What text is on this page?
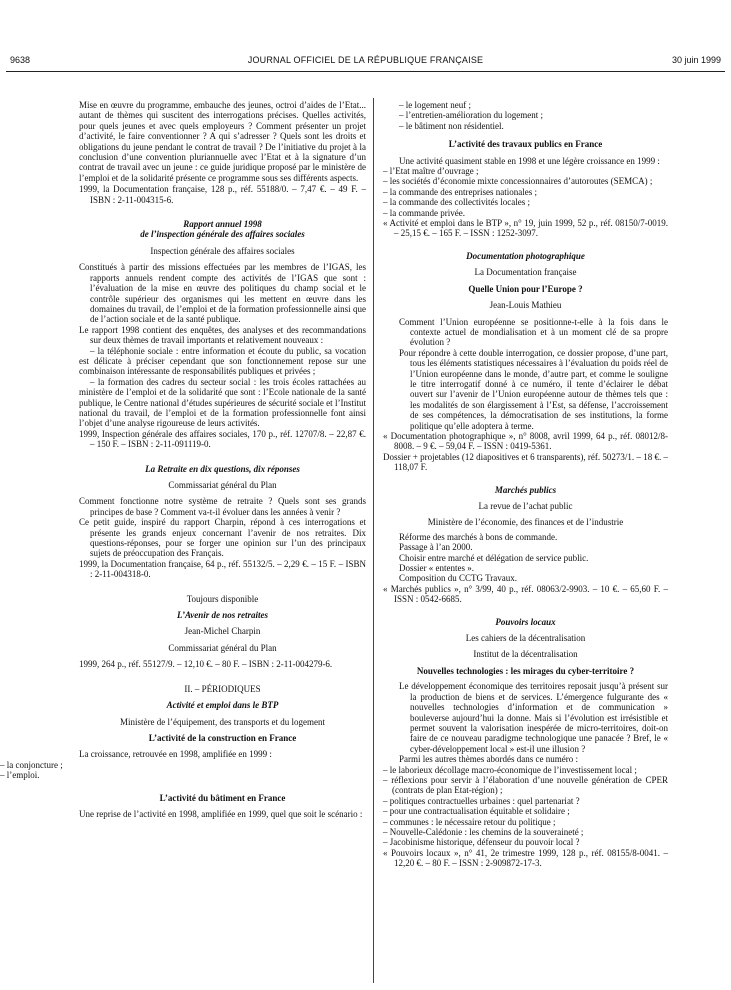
9638	JOURNAL OFFICIEL DE LA RÉPUBLIQUE FRANÇAISE	30 juin 1999

Mise en œuvre du programme, embauche des jeunes, octroi d’aides de l’Etat... autant de thèmes qui suscitent des interrogations précises. Quelles activités, pour quels jeunes et avec quels employeurs ? Comment présenter un projet d’activité, le faire conventionner ? A qui s’adresser ? Quels sont les droits et obligations du jeune pendant le contrat de travail ? De l’initiative du projet à la conclusion d’une convention pluriannuelle avec l’Etat et à la signature d’un contrat de travail avec un jeune : ce guide juridique proposé par le ministère de l’emploi et de la solidarité présente ce programme sous ses différents aspects.

1999, la Documentation française, 128 p., réf. 55188/0. – 7,47 €. – 49 F. – ISBN : 2-11-004315-6.

Rapport annuel 1998

de l’inspection générale des affaires sociales

Inspection générale des affaires sociales

Constitués à partir des missions effectuées par les membres de l’IGAS, les rapports annuels rendent compte des activités de l’IGAS que sont : l’évaluation de la mise en œuvre des politiques du champ social et le contrôle supérieur des organismes qui les mettent en œuvre dans les domaines du travail, de l’emploi et de la formation professionnelle ainsi que de l’action sociale et de la santé publique.

Le rapport 1998 contient des enquêtes, des analyses et des recommandations sur deux thèmes de travail importants et relativement nouveaux :

– la téléphonie sociale : entre information et écoute du public, sa vocation est délicate à préciser cependant que son fonctionnement repose sur une combinaison intéressante de responsabilités publiques et privées ;

– la formation des cadres du secteur social : les trois écoles rattachées au ministère de l’emploi et de la solidarité que sont : l’Ecole nationale de la santé publique, le Centre national d’études supérieures de sécurité sociale et l’Institut national du travail, de l’emploi et de la formation professionnelle font ainsi l’objet d’une analyse rigoureuse de leurs activités.

1999, Inspection générale des affaires sociales, 170 p., réf. 12707/8. – 22,87 €. – 150 F. – ISBN : 2-11-091119-0.

La Retraite en dix questions, dix réponses

Commissariat général du Plan

Comment fonctionne notre système de retraite ? Quels sont ses grands principes de base ? Comment va-t-il évoluer dans les années à venir ?

Ce petit guide, inspiré du rapport Charpin, répond à ces interrogations et présente les grands enjeux concernant l’avenir de nos retraites. Dix questions-réponses, pour se forger une opinion sur l’un des principaux sujets de préoccupation des Français.

1999, la Documentation française, 64 p., réf. 55132/5. – 2,29 €. – 15 F. – ISBN : 2-11-004318-0.

Toujours disponible

L’Avenir de nos retraites

Jean-Michel Charpin

Commissariat général du Plan

1999, 264 p., réf. 55127/9. – 12,10 €. – 80 F. – ISBN : 2-11-004279-6.

II. – PÉRIODIQUES

Activité et emploi dans le BTP

Ministère de l’équipement, des transports et du logement

L’activité de la construction en France

La croissance, retrouvée en 1998, amplifiée en 1999 :

– la conjoncture ;

– l’emploi.

L’activité du bâtiment en France

Une reprise de l’activité en 1998, amplifiée en 1999, quel que soit le scénario :

– le logement neuf ;

– l’entretien-amélioration du logement ;

– le bâtiment non résidentiel.

L’activité des travaux publics en France

Une activité quasiment stable en 1998 et une légère croissance en 1999 :

– l’Etat maître d’ouvrage ;

– les sociétés d’économie mixte concessionnaires d’autoroutes (SEMCA) ;

– la commande des entreprises nationales ;

– la commande des collectivités locales ;

– la commande privée.

« Activité et emploi dans le BTP », n° 19, juin 1999, 52 p., réf. 08150/7-0019. – 25,15 €. – 165 F. – ISSN : 1252-3097.

Documentation photographique

La Documentation française

Quelle Union pour l’Europe ?

Jean-Louis Mathieu

Comment l’Union européenne se positionne-t-elle à la fois dans le contexte actuel de mondialisation et à un moment clé de sa propre évolution ?

Pour répondre à cette double interrogation, ce dossier propose, d’une part, tous les éléments statistiques nécessaires à l’évaluation du poids réel de l’Union européenne dans le monde, d’autre part, et comme le souligne le titre interrogatif donné à ce numéro, il tente d’éclairer le débat ouvert sur l’avenir de l’Union européenne autour de thèmes tels que : les modalités de son élargissement à l’Est, sa défense, l’accroissement de ses compétences, la démocratisation de ses institutions, la forme politique qu’elle adoptera à terme.

« Documentation photographique », n° 8008, avril 1999, 64 p., réf. 08012/8-8008. – 9 €. – 59,04 F. – ISSN : 0419-5361.

Dossier + projetables (12 diapositives et 6 transparents), réf. 50273/1. – 18 €. – 118,07 F.

Marchés publics

La revue de l’achat public

Ministère de l’économie, des finances et de l’industrie

Réforme des marchés à bons de commande.

Passage à l’an 2000.

Choisir entre marché et délégation de service public.

Dossier « ententes ».

Composition du CCTG Travaux.

« Marchés publics », n° 3/99, 40 p., réf. 08063/2-9903. – 10 €. – 65,60 F. – ISSN : 0542-6685.

Pouvoirs locaux

Les cahiers de la décentralisation

Institut de la décentralisation

Nouvelles technologies : les mirages du cyber-territoire ?

Le développement économique des territoires reposait jusqu’à présent sur la production de biens et de services. L’émergence fulgurante des « nouvelles technologies d’information et de communication » bouleverse aujourd’hui la donne. Mais si l’évolution est irrésistible et permet souvent la valorisation inespérée de micro-territoires, doit-on faire de ce nouveau paradigme technologique une panacée ? Bref, le « cyber-développement local » est-il une illusion ?

Parmi les autres thèmes abordés dans ce numéro :

– le laborieux décollage macro-économique de l’investissement local ;

– réflexions pour servir à l’élaboration d’une nouvelle génération de CPER (contrats de plan Etat-région) ;

– politiques contractuelles urbaines : quel partenariat ?

– pour une contractualisation équitable et solidaire ;

– communes : le nécessaire retour du politique ;

– Nouvelle-Calédonie : les chemins de la souveraineté ;

– Jacobinisme historique, défenseur du pouvoir local ?

« Pouvoirs locaux », n° 41, 2e trimestre 1999, 128 p., réf. 08155/8-0041. – 12,20 €. – 80 F. – ISSN : 2-909872-17-3.
